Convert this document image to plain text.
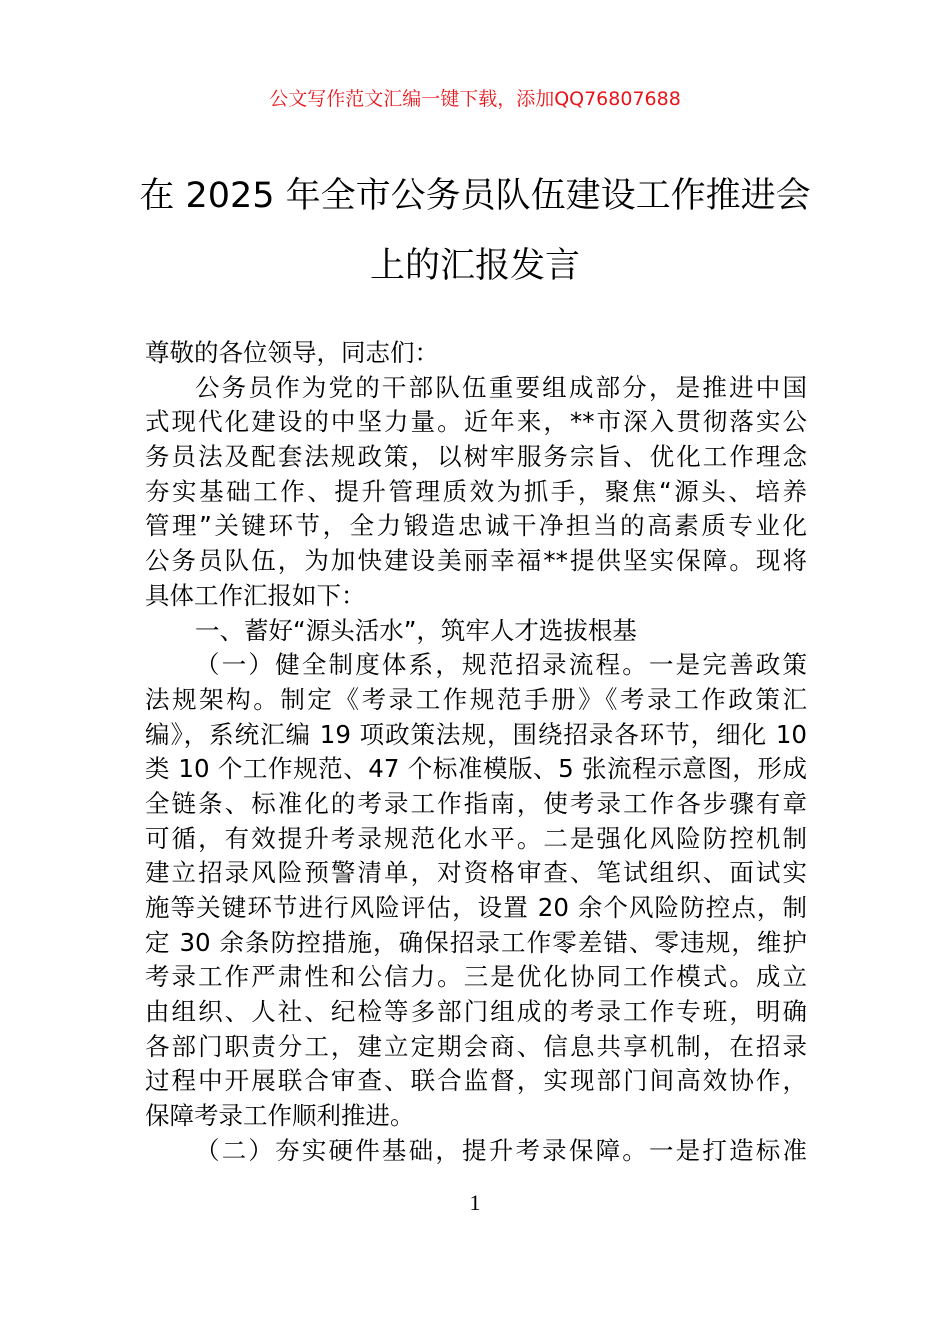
公文写作范文汇编一键下载，添加QQ76807688
在 2025 年全市公务员队伍建设工作推进会
上的汇报发言
尊敬的各位领导，同志们：
公务员作为党的干部队伍重要组成部分，是推进中国
式现代化建设的中坚力量。近年来，**市深入贯彻落实公
务员法及配套法规政策，以树牢服务宗旨、优化工作理念
夯实基础工作、提升管理质效为抓手，聚焦“源头、培养
管理”关键环节，全力锻造忠诚干净担当的高素质专业化
公务员队伍，为加快建设美丽幸福**提供坚实保障。现将
具体工作汇报如下：
一、蓄好“源头活水”，筑牢人才选拔根基
（一）健全制度体系，规范招录流程。一是完善政策
法规架构。制定《考录工作规范手册》《考录工作政策汇
编》，系统汇编 19 项政策法规，围绕招录各环节，细化 10
类 10 个工作规范、47 个标准模版、5 张流程示意图，形成
全链条、标准化的考录工作指南，使考录工作各步骤有章
可循，有效提升考录规范化水平。二是强化风险防控机制
建立招录风险预警清单，对资格审查、笔试组织、面试实
施等关键环节进行风险评估，设置 20 余个风险防控点，制
定 30 余条防控措施，确保招录工作零差错、零违规，维护
考录工作严肃性和公信力。三是优化协同工作模式。成立
由组织、人社、纪检等多部门组成的考录工作专班，明确
各部门职责分工，建立定期会商、信息共享机制，在招录
过程中开展联合审查、联合监督，实现部门间高效协作，
保障考录工作顺利推进。
（二）夯实硬件基础，提升考录保障。一是打造标准
1
